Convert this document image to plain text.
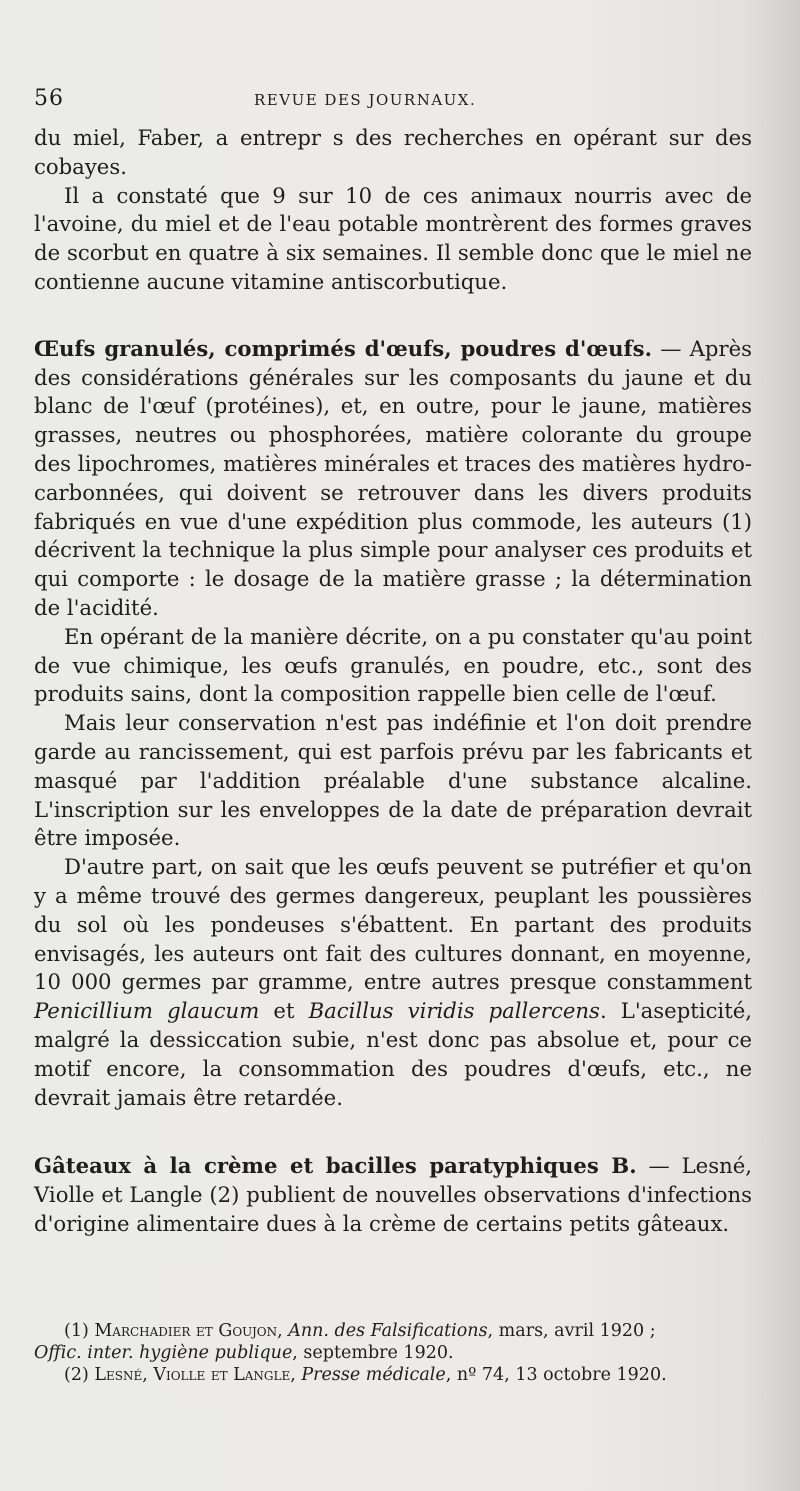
56	REVUE DES JOURNAUX.

du miel, Faber, a entrepr s des recherches en opérant sur des cobayes.

Il a constaté que 9 sur 10 de ces animaux nourris avec de l'avoine, du miel et de l'eau potable montrèrent des formes graves de scorbut en quatre à six semaines. Il semble donc que le miel ne contienne aucune vitamine antiscorbutique.

Œufs granulés, comprimés d'œufs, poudres d'œufs. — Après des considérations générales sur les composants du jaune et du blanc de l'œuf (protéines), et, en outre, pour le jaune, matières grasses, neutres ou phosphorées, matière colorante du groupe des lipochromes, matières minérales et traces des matières hydro-carbonnées, qui doivent se retrouver dans les divers produits fabriqués en vue d'une expédition plus commode, les auteurs (1) décrivent la technique la plus simple pour analyser ces produits et qui comporte : le dosage de la matière grasse ; la détermination de l'acidité.

En opérant de la manière décrite, on a pu constater qu'au point de vue chimique, les œufs granulés, en poudre, etc., sont des produits sains, dont la composition rappelle bien celle de l'œuf.

Mais leur conservation n'est pas indéfinie et l'on doit prendre garde au rancissement, qui est parfois prévu par les fabricants et masqué par l'addition préalable d'une substance alcaline. L'inscription sur les enveloppes de la date de préparation devrait être imposée.

D'autre part, on sait que les œufs peuvent se putréfier et qu'on y a même trouvé des germes dangereux, peuplant les poussières du sol où les pondeuses s'ébattent. En partant des produits envisagés, les auteurs ont fait des cultures donnant, en moyenne, 10 000 germes par gramme, entre autres presque constamment Penicillium glaucum et Bacillus viridis pallercens. L'asepticité, malgré la dessiccation subie, n'est donc pas absolue et, pour ce motif encore, la consommation des poudres d'œufs, etc., ne devrait jamais être retardée.

Gâteaux à la crème et bacilles paratyphiques B. — Lesné, Violle et Langle (2) publient de nouvelles observations d'infections d'origine alimentaire dues à la crème de certains petits gâteaux.

(1) Marchadier et Goujon, Ann. des Falsifications, mars, avril 1920 ;

Offic. inter. hygiène publique, septembre 1920.

(2) Lesné, Violle et Langle, Presse médicale, nº 74, 13 octobre 1920.
